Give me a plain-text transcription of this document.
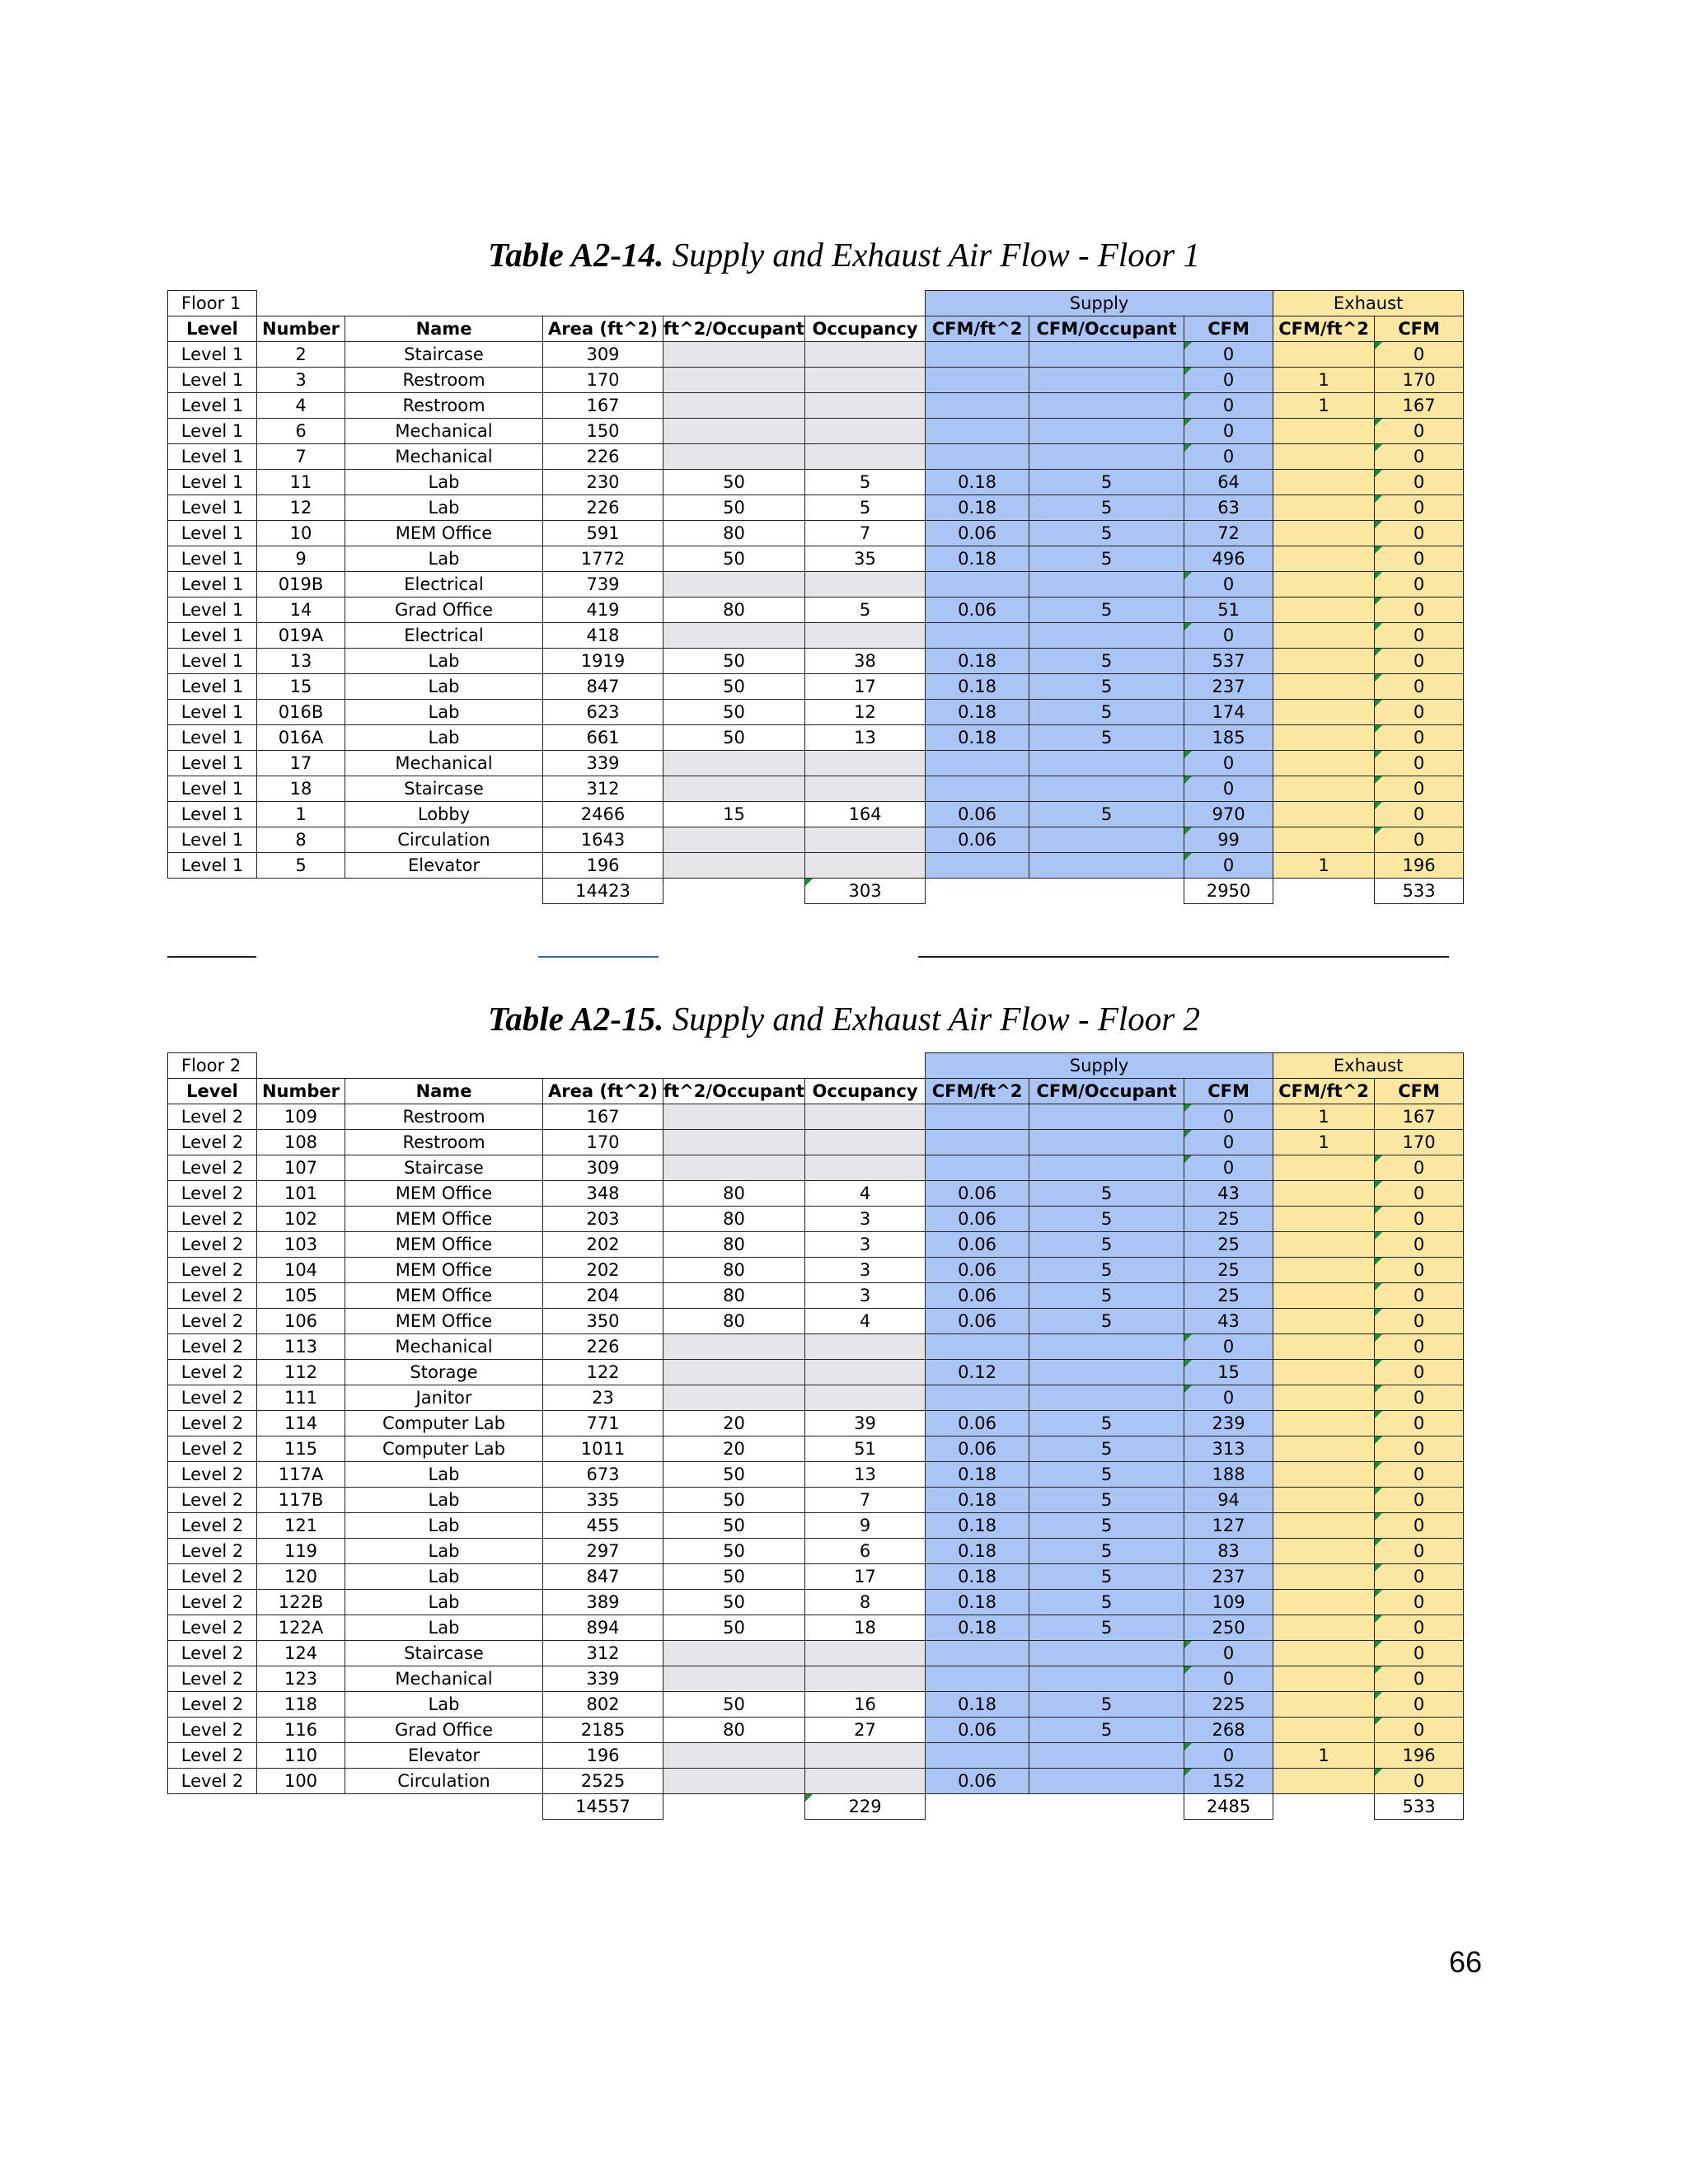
Table A2-14. Supply and Exhaust Air Flow - Floor 1
Floor 1						Supply			Exhaust	
Level	Number	Name	Area (ft^2)	ft^2/Occupant	Occupancy	CFM/ft^2	CFM/Occupant	CFM	CFM/ft^2	CFM
Level 1	2	Staircase	309					0		0
Level 1	3	Restroom	170					0	1	170
Level 1	4	Restroom	167					0	1	167
Level 1	6	Mechanical	150					0		0
Level 1	7	Mechanical	226					0		0
Level 1	11	Lab	230	50	5	0.18	5	64		0
Level 1	12	Lab	226	50	5	0.18	5	63		0
Level 1	10	MEM Office	591	80	7	0.06	5	72		0
Level 1	9	Lab	1772	50	35	0.18	5	496		0
Level 1	019B	Electrical	739					0		0
Level 1	14	Grad Office	419	80	5	0.06	5	51		0
Level 1	019A	Electrical	418					0		0
Level 1	13	Lab	1919	50	38	0.18	5	537		0
Level 1	15	Lab	847	50	17	0.18	5	237		0
Level 1	016B	Lab	623	50	12	0.18	5	174		0
Level 1	016A	Lab	661	50	13	0.18	5	185		0
Level 1	17	Mechanical	339					0		0
Level 1	18	Staircase	312					0		0
Level 1	1	Lobby	2466	15	164	0.06	5	970		0
Level 1	8	Circulation	1643			0.06		99		0
Level 1	5	Elevator	196					0	1	196
			14423		303			2950		533
Table A2-15. Supply and Exhaust Air Flow - Floor 2
Floor 2						Supply			Exhaust	
Level	Number	Name	Area (ft^2)	ft^2/Occupant	Occupancy	CFM/ft^2	CFM/Occupant	CFM	CFM/ft^2	CFM
Level 2	109	Restroom	167					0	1	167
Level 2	108	Restroom	170					0	1	170
Level 2	107	Staircase	309					0		0
Level 2	101	MEM Office	348	80	4	0.06	5	43		0
Level 2	102	MEM Office	203	80	3	0.06	5	25		0
Level 2	103	MEM Office	202	80	3	0.06	5	25		0
Level 2	104	MEM Office	202	80	3	0.06	5	25		0
Level 2	105	MEM Office	204	80	3	0.06	5	25		0
Level 2	106	MEM Office	350	80	4	0.06	5	43		0
Level 2	113	Mechanical	226					0		0
Level 2	112	Storage	122			0.12		15		0
Level 2	111	Janitor	23					0		0
Level 2	114	Computer Lab	771	20	39	0.06	5	239		0
Level 2	115	Computer Lab	1011	20	51	0.06	5	313		0
Level 2	117A	Lab	673	50	13	0.18	5	188		0
Level 2	117B	Lab	335	50	7	0.18	5	94		0
Level 2	121	Lab	455	50	9	0.18	5	127		0
Level 2	119	Lab	297	50	6	0.18	5	83		0
Level 2	120	Lab	847	50	17	0.18	5	237		0
Level 2	122B	Lab	389	50	8	0.18	5	109		0
Level 2	122A	Lab	894	50	18	0.18	5	250		0
Level 2	124	Staircase	312					0		0
Level 2	123	Mechanical	339					0		0
Level 2	118	Lab	802	50	16	0.18	5	225		0
Level 2	116	Grad Office	2185	80	27	0.06	5	268		0
Level 2	110	Elevator	196					0	1	196
Level 2	100	Circulation	2525			0.06		152		0
			14557		229			2485		533
66
